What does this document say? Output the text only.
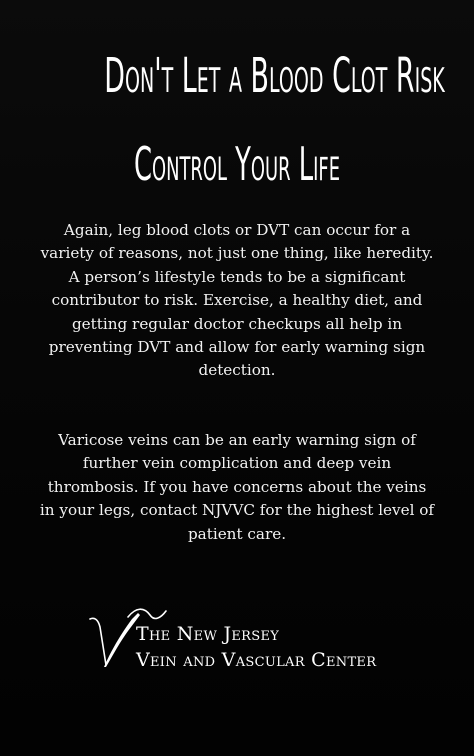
Don't Let a Blood Clot Risk
Control Your Life

Again, leg blood clots or DVT can occur for a variety of reasons, not just one thing, like heredity. A person’s lifestyle tends to be a significant contributor to risk. Exercise, a healthy diet, and getting regular doctor checkups all help in preventing DVT and allow for early warning sign detection.

Varicose veins can be an early warning sign of further vein complication and deep vein thrombosis. If you have concerns about the veins in your legs, contact NJVVC for the highest level of patient care.

The New Jersey
Vein and Vascular Center
